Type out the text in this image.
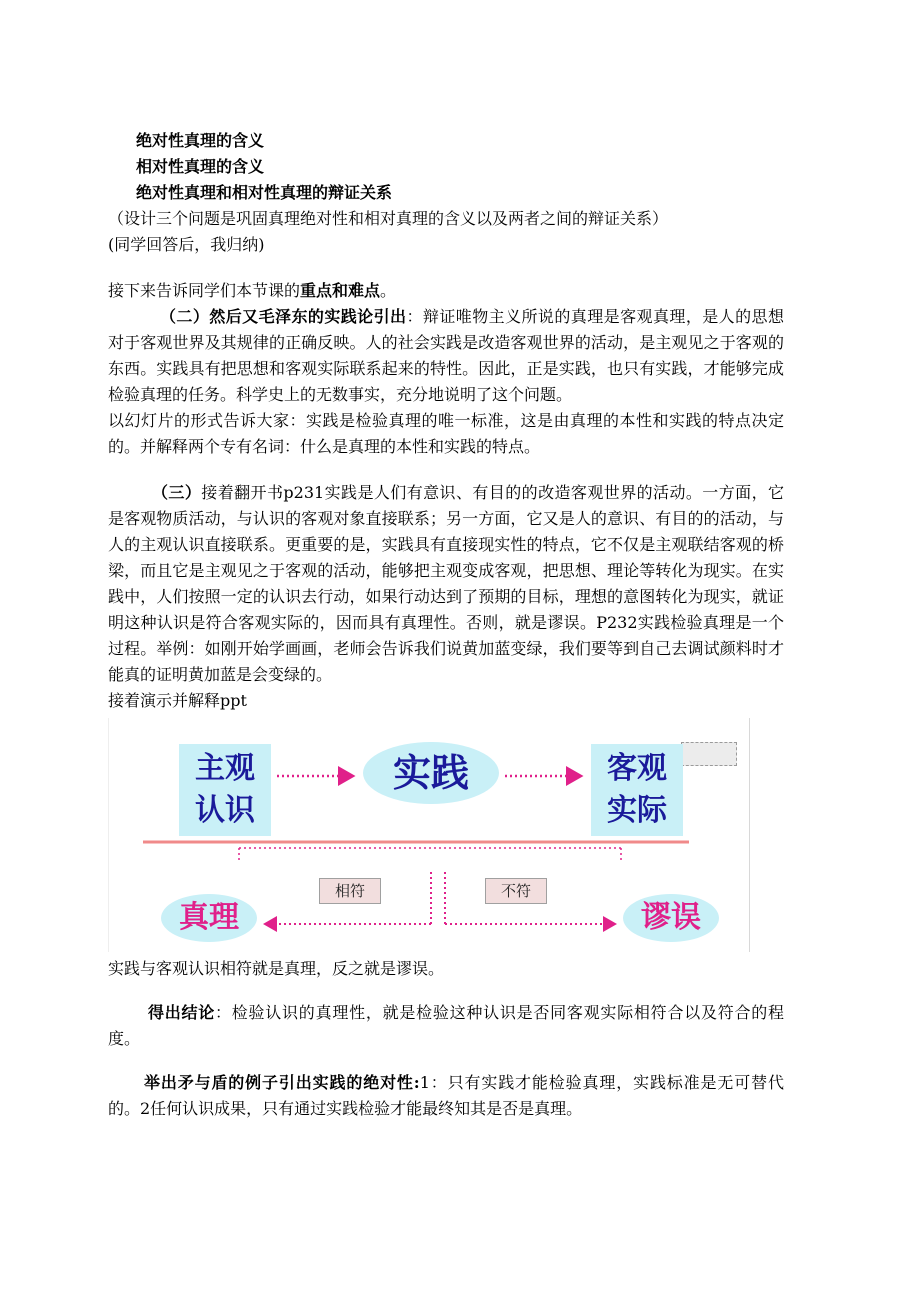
绝对性真理的含义
相对性真理的含义
绝对性真理和相对性真理的辩证关系
（设计三个问题是巩固真理绝对性和相对真理的含义以及两者之间的辩证关系）
(同学回答后，我归纳)
接下来告诉同学们本节课的重点和难点。
（二）然后又毛泽东的实践论引出：辩证唯物主义所说的真理是客观真理，是人的思想对于客观世界及其规律的正确反映。人的社会实践是改造客观世界的活动，是主观见之于客观的东西。实践具有把思想和客观实际联系起来的特性。因此，正是实践，也只有实践，才能够完成检验真理的任务。科学史上的无数事实，充分地说明了这个问题。
以幻灯片的形式告诉大家：实践是检验真理的唯一标准，这是由真理的本性和实践的特点决定的。并解释两个专有名词：什么是真理的本性和实践的特点。
（三）接着翻开书p231实践是人们有意识、有目的的改造客观世界的活动。一方面，它是客观物质活动，与认识的客观对象直接联系；另一方面，它又是人的意识、有目的的活动，与人的主观认识直接联系。更重要的是，实践具有直接现实性的特点，它不仅是主观联结客观的桥梁，而且它是主观见之于客观的活动，能够把主观变成客观，把思想、理论等转化为现实。在实践中，人们按照一定的认识去行动，如果行动达到了预期的目标，理想的意图转化为现实，就证明这种认识是符合客观实际的，因而具有真理性。否则，就是谬误。P232实践检验真理是一个过程。举例：如刚开始学画画，老师会告诉我们说黄加蓝变绿，我们要等到自己去调试颜料时才能真的证明黄加蓝是会变绿的。
接着演示并解释ppt
主观
认识
实践	客观
实际
相符	不符
真理	谬误
实践与客观认识相符就是真理，反之就是谬误。
得出结论：检验认识的真理性，就是检验这种认识是否同客观实际相符合以及符合的程度。
举出矛与盾的例子引出实践的绝对性:1：只有实践才能检验真理，实践标准是无可替代的。2任何认识成果，只有通过实践检验才能最终知其是否是真理。
